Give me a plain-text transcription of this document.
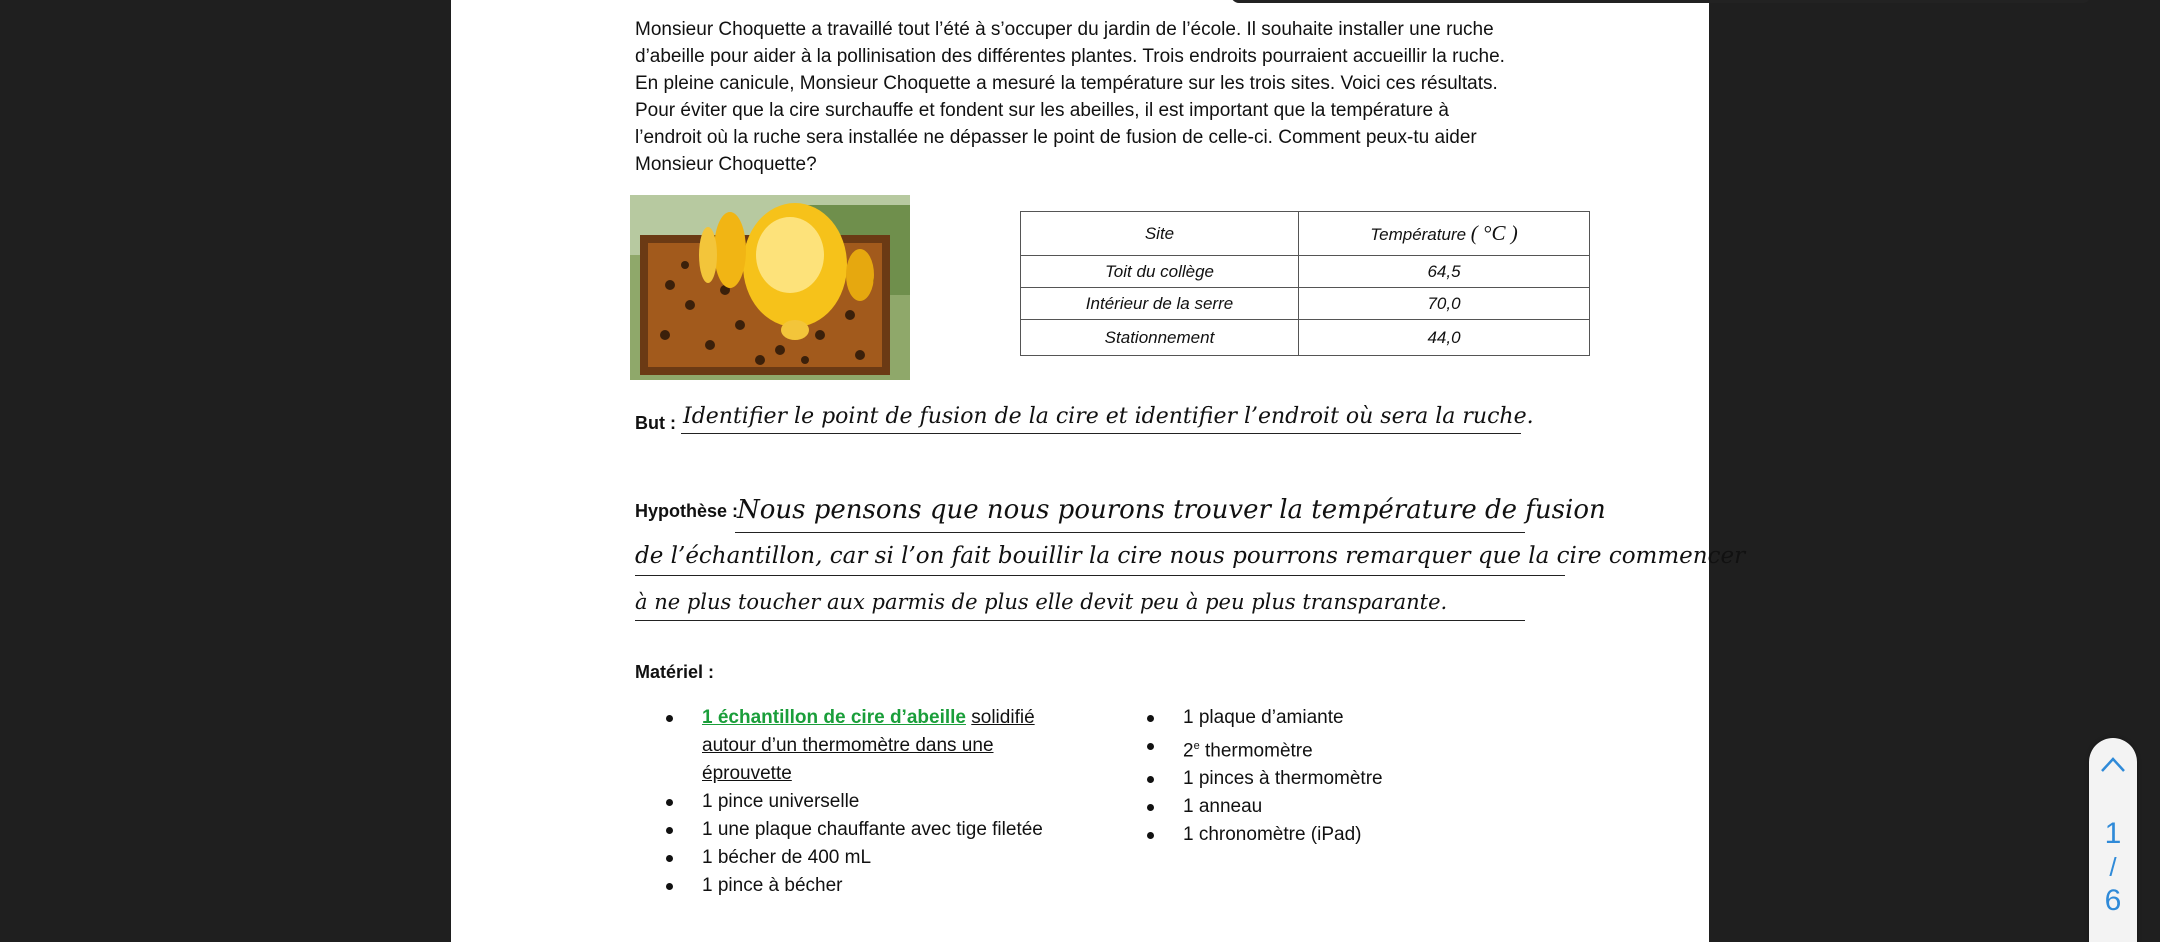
Monsieur Choquette a travaillé tout l’été à s’occuper du jardin de l’école. Il souhaite installer une ruche

d’abeille pour aider à la pollinisation des différentes plantes. Trois endroits pourraient accueillir la ruche.

En pleine canicule, Monsieur Choquette a mesuré la température sur les trois sites. Voici ces résultats.

Pour éviter que la cire surchauffe et fondent sur les abeilles, il est important que la température à

l’endroit où la ruche sera installée ne dépasser le point de fusion de celle-ci. Comment peux-tu aider

Monsieur Choquette?

Site	Température ( °C )
Toit du collège	64,5
Intérieur de la serre	70,0
Stationnement	44,0
But : Identifier le point de fusion de la cire et identifier l’endroit où sera la ruche.
Hypothèse :
Nous pensons que nous pourons trouver la température de fusion
de l’échantillon, car si l’on fait bouillir la cire nous pourrons remarquer que la cire commencer
à ne plus toucher aux parmis de plus elle devit peu à peu plus transparante.
Matériel :
1 échantillon de cire d’abeille solidifié
autour d’un thermomètre dans une
éprouvette
1 pince universelle
1 une plaque chauffante avec tige filetée
1 bécher de 400 mL
1 pince à bécher
1 plaque d’amiante
2e thermomètre
1 pinces à thermomètre
1 anneau
1 chronomètre (iPad)	1
/
6
